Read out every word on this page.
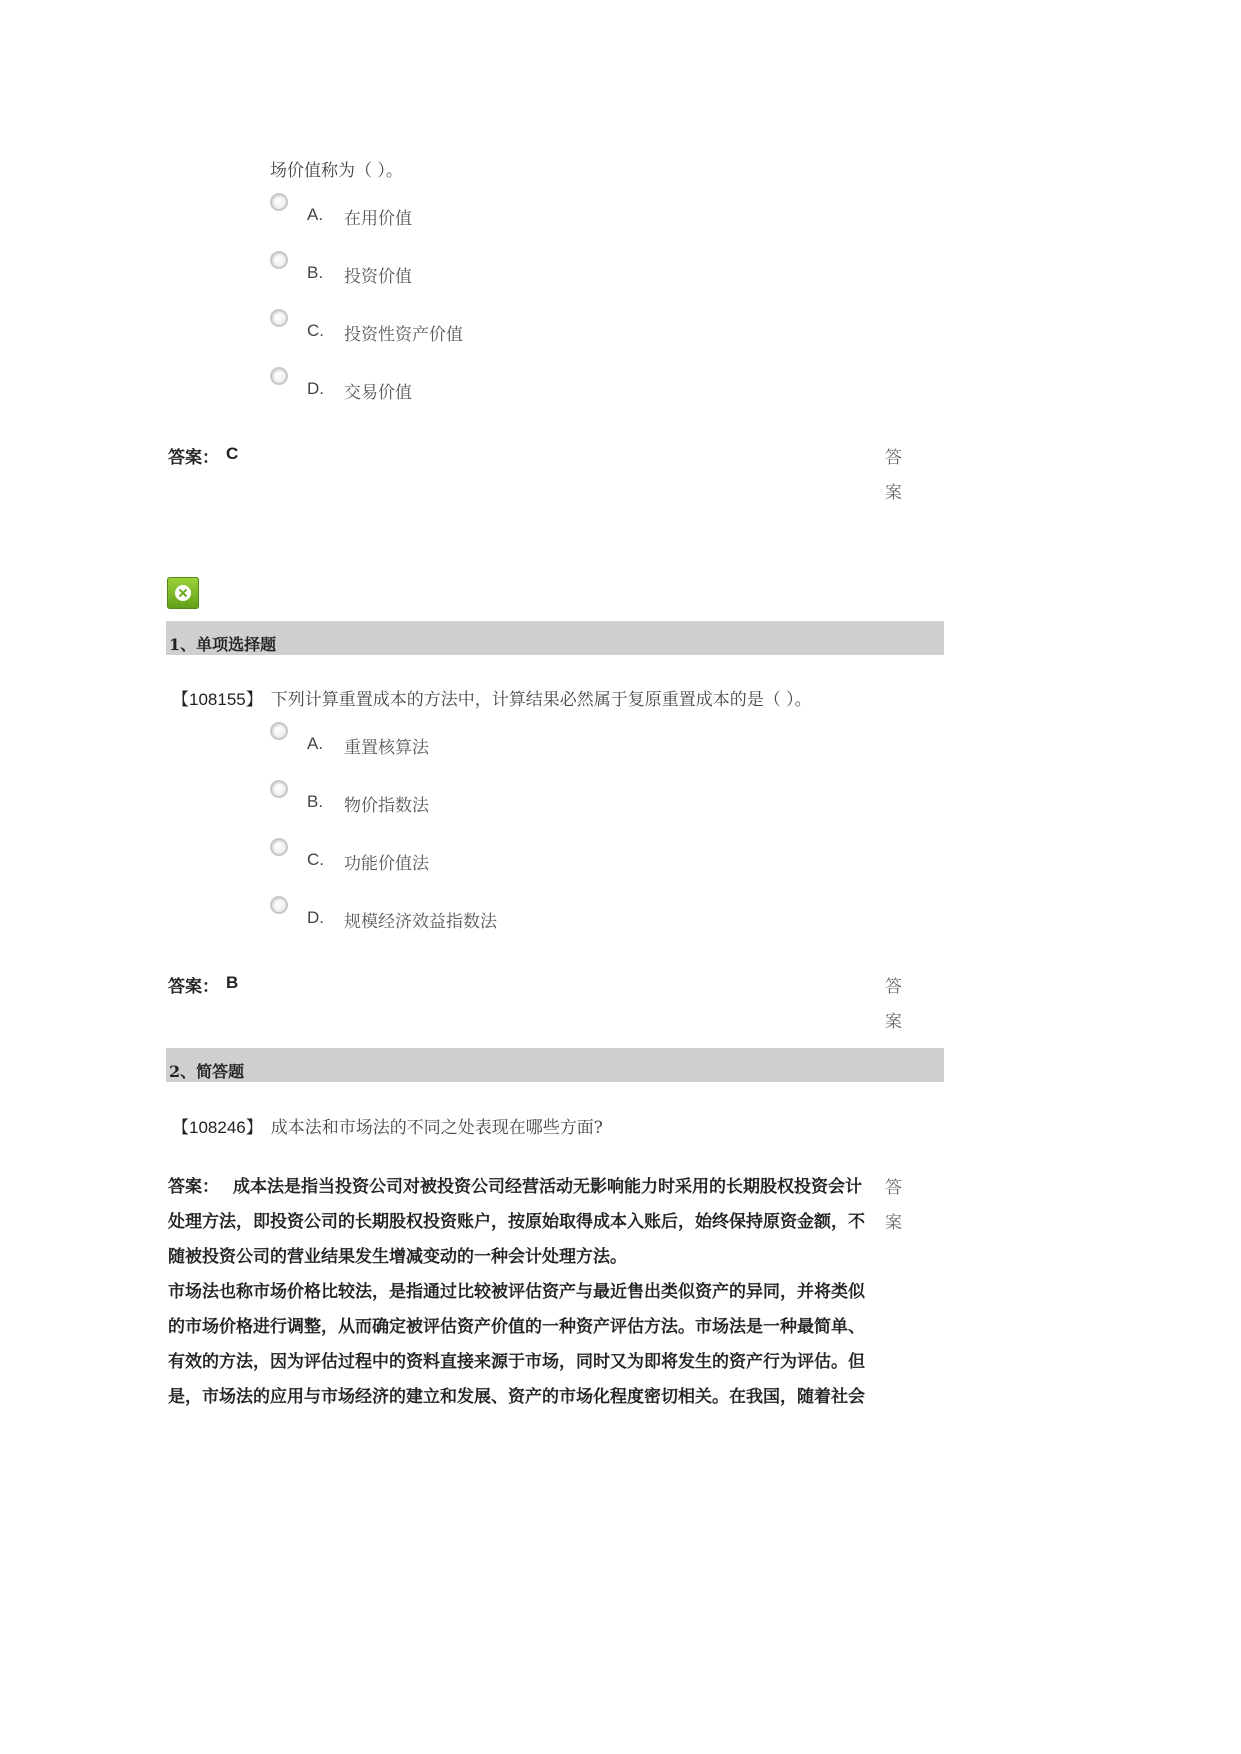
场价值称为（ ）。
A. 在用价值
B. 投资价值
C. 投资性资产价值
D. 交易价值
答案： C	答
案
1、单项选择题
【108155】 下列计算重置成本的方法中，计算结果必然属于复原重置成本的是（ ）。
A. 重置核算法
B. 物价指数法
C. 功能价值法
D. 规模经济效益指数法
答案： B	答
案
2、简答题
【108246】 成本法和市场法的不同之处表现在哪些方面?

答案： 成本法是指当投资公司对被投资公司经营活动无影响能力时采用的长期股权投资会计处理方法，即投资公司的长期股权投资账户，按原始取得成本入账后，始终保持原资金额，不随被投资公司的营业结果发生增减变动的一种会计处理方法。

市场法也称市场价格比较法，是指通过比较被评估资产与最近售出类似资产的异同，并将类似的市场价格进行调整，从而确定被评估资产价值的一种资产评估方法。市场法是一种最简单、有效的方法，因为评估过程中的资料直接来源于市场，同时又为即将发生的资产行为评估。但是，市场法的应用与市场经济的建立和发展、资产的市场化程度密切相关。在我国，随着社会

答
案
